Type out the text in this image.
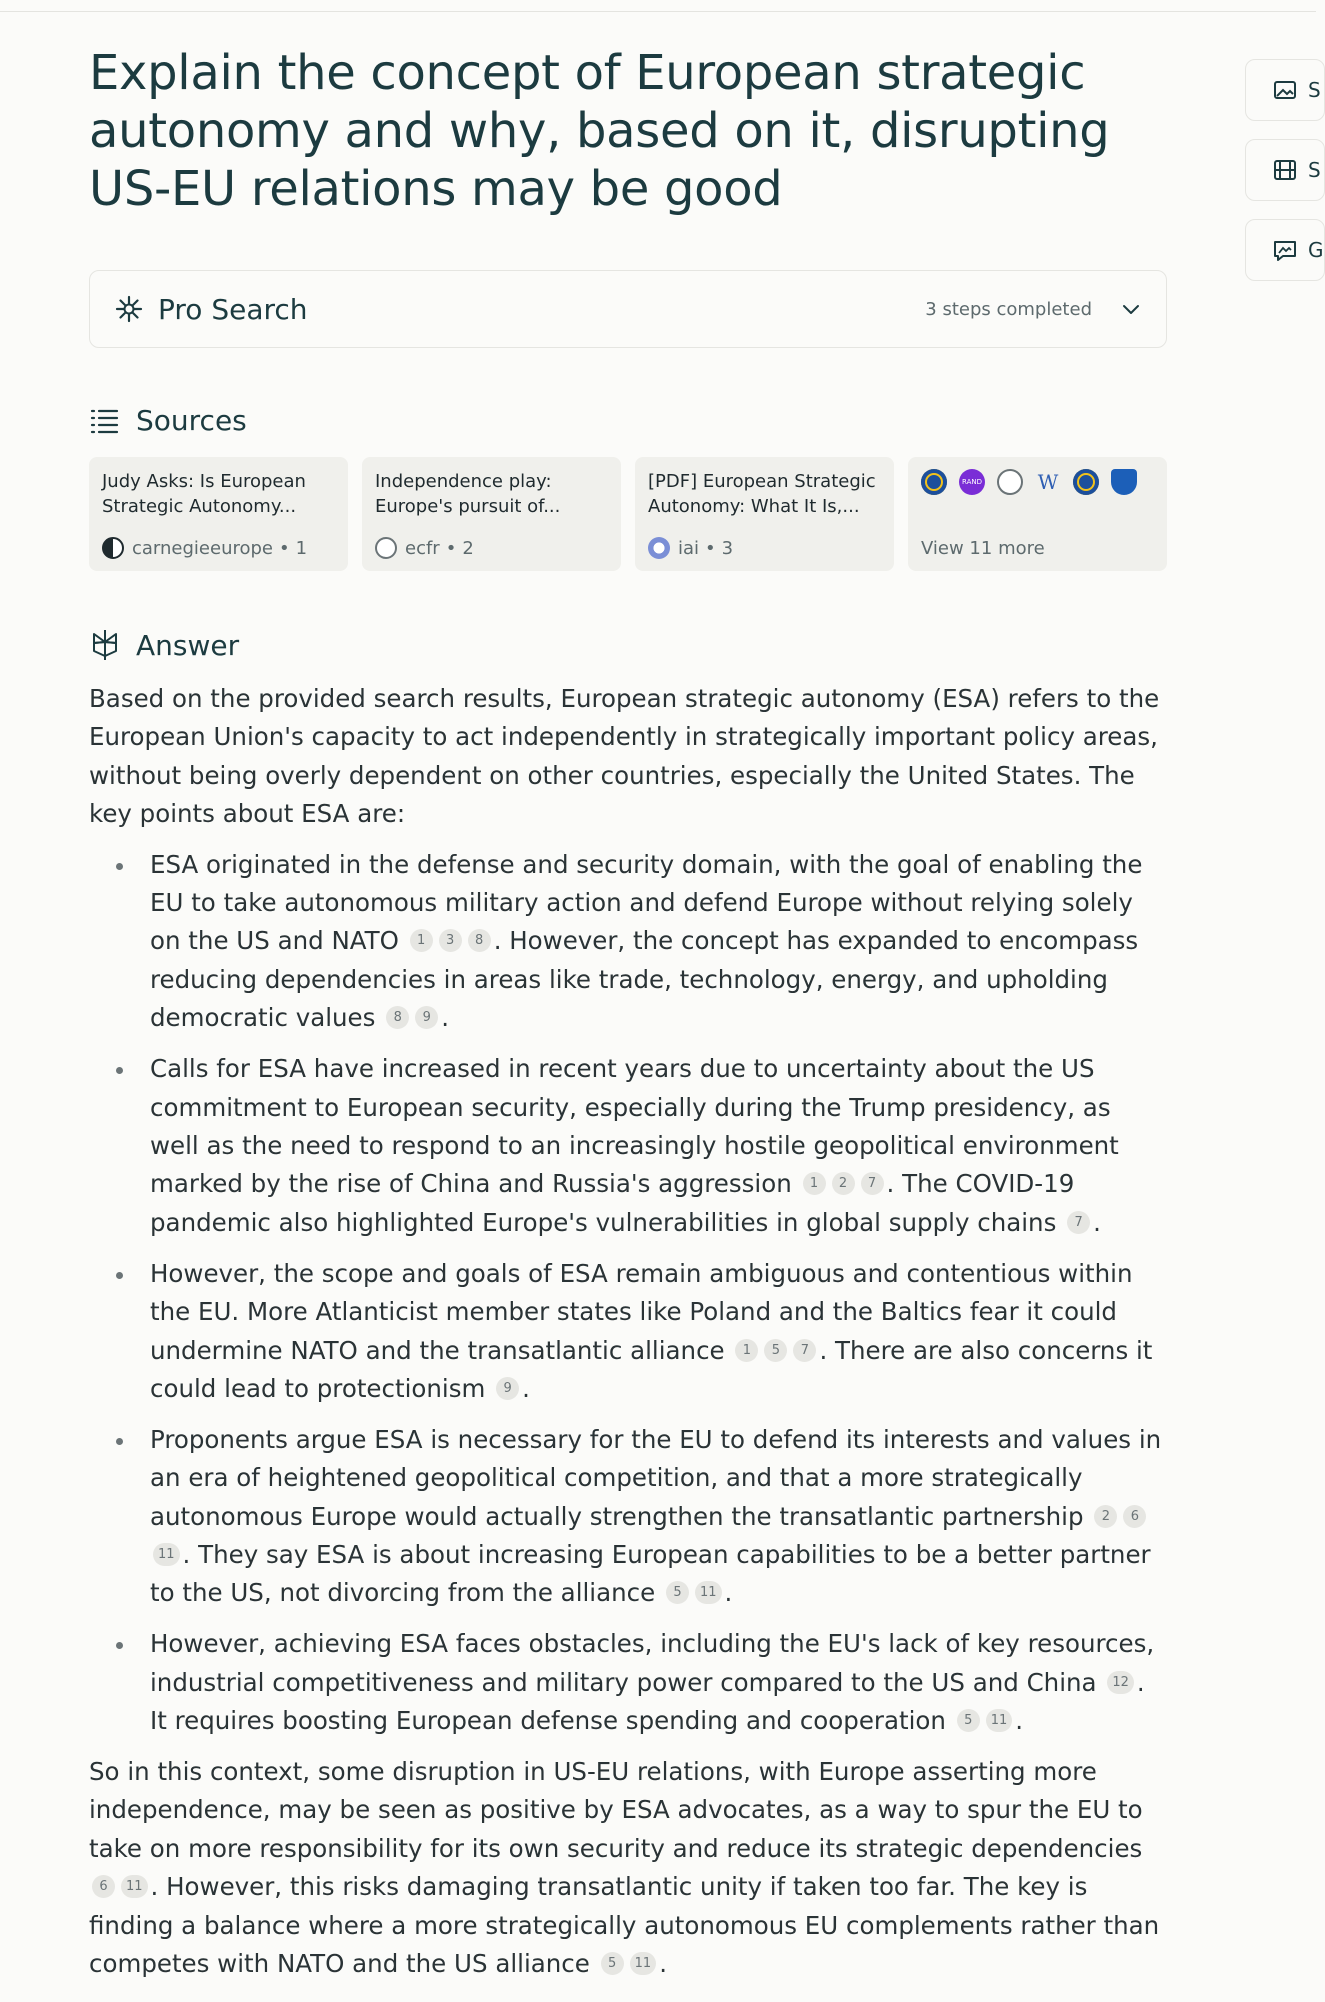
Explain the concept of European strategic autonomy and why, based on it, disrupting US-EU relations may be good
Pro Search	3 steps completed
Sources
Judy Asks: Is European Strategic Autonomy...
carnegieeurope • 1
Independence play: Europe's pursuit of...
ecfr • 2
[PDF] European Strategic Autonomy: What It Is,...
iai • 3
RAND	W
View 11 more
Answer

Based on the provided search results, European strategic autonomy (ESA) refers to the European Union's capacity to act independently in strategically important policy areas, without being overly dependent on other countries, especially the United States. The key points about ESA are:

ESA originated in the defense and security domain, with the goal of enabling the EU to take autonomous military action and defend Europe without relying solely on the US and NATO 1 3 8 . However, the concept has expanded to encompass reducing dependencies in areas like trade, technology, energy, and upholding democratic values 8 9 .
Calls for ESA have increased in recent years due to uncertainty about the US commitment to European security, especially during the Trump presidency, as well as the need to respond to an increasingly hostile geopolitical environment marked by the rise of China and Russia's aggression 1 2 7 . The COVID-19 pandemic also highlighted Europe's vulnerabilities in global supply chains 7 .
However, the scope and goals of ESA remain ambiguous and contentious within the EU. More Atlanticist member states like Poland and the Baltics fear it could undermine NATO and the transatlantic alliance 1 5 7 . There are also concerns it could lead to protectionism 9 .
Proponents argue ESA is necessary for the EU to defend its interests and values in an era of heightened geopolitical competition, and that a more strategically autonomous Europe would actually strengthen the transatlantic partnership 2 611 . They say ESA is about increasing European capabilities to be a better partner to the US, not divorcing from the alliance 5 11 .
However, achieving ESA faces obstacles, including the EU's lack of key resources, industrial competitiveness and military power compared to the US and China 12 . It requires boosting European defense spending and cooperation 5 11 .

So in this context, some disruption in US-EU relations, with Europe asserting more independence, may be seen as positive by ESA advocates, as a way to spur the EU to take on more responsibility for its own security and reduce its strategic dependencies 6 11 . However, this risks damaging transatlantic unity if taken too far. The key is finding a balance where a more strategically autonomous EU complements rather than competes with NATO and the US alliance 5 11 .

S
S
G
